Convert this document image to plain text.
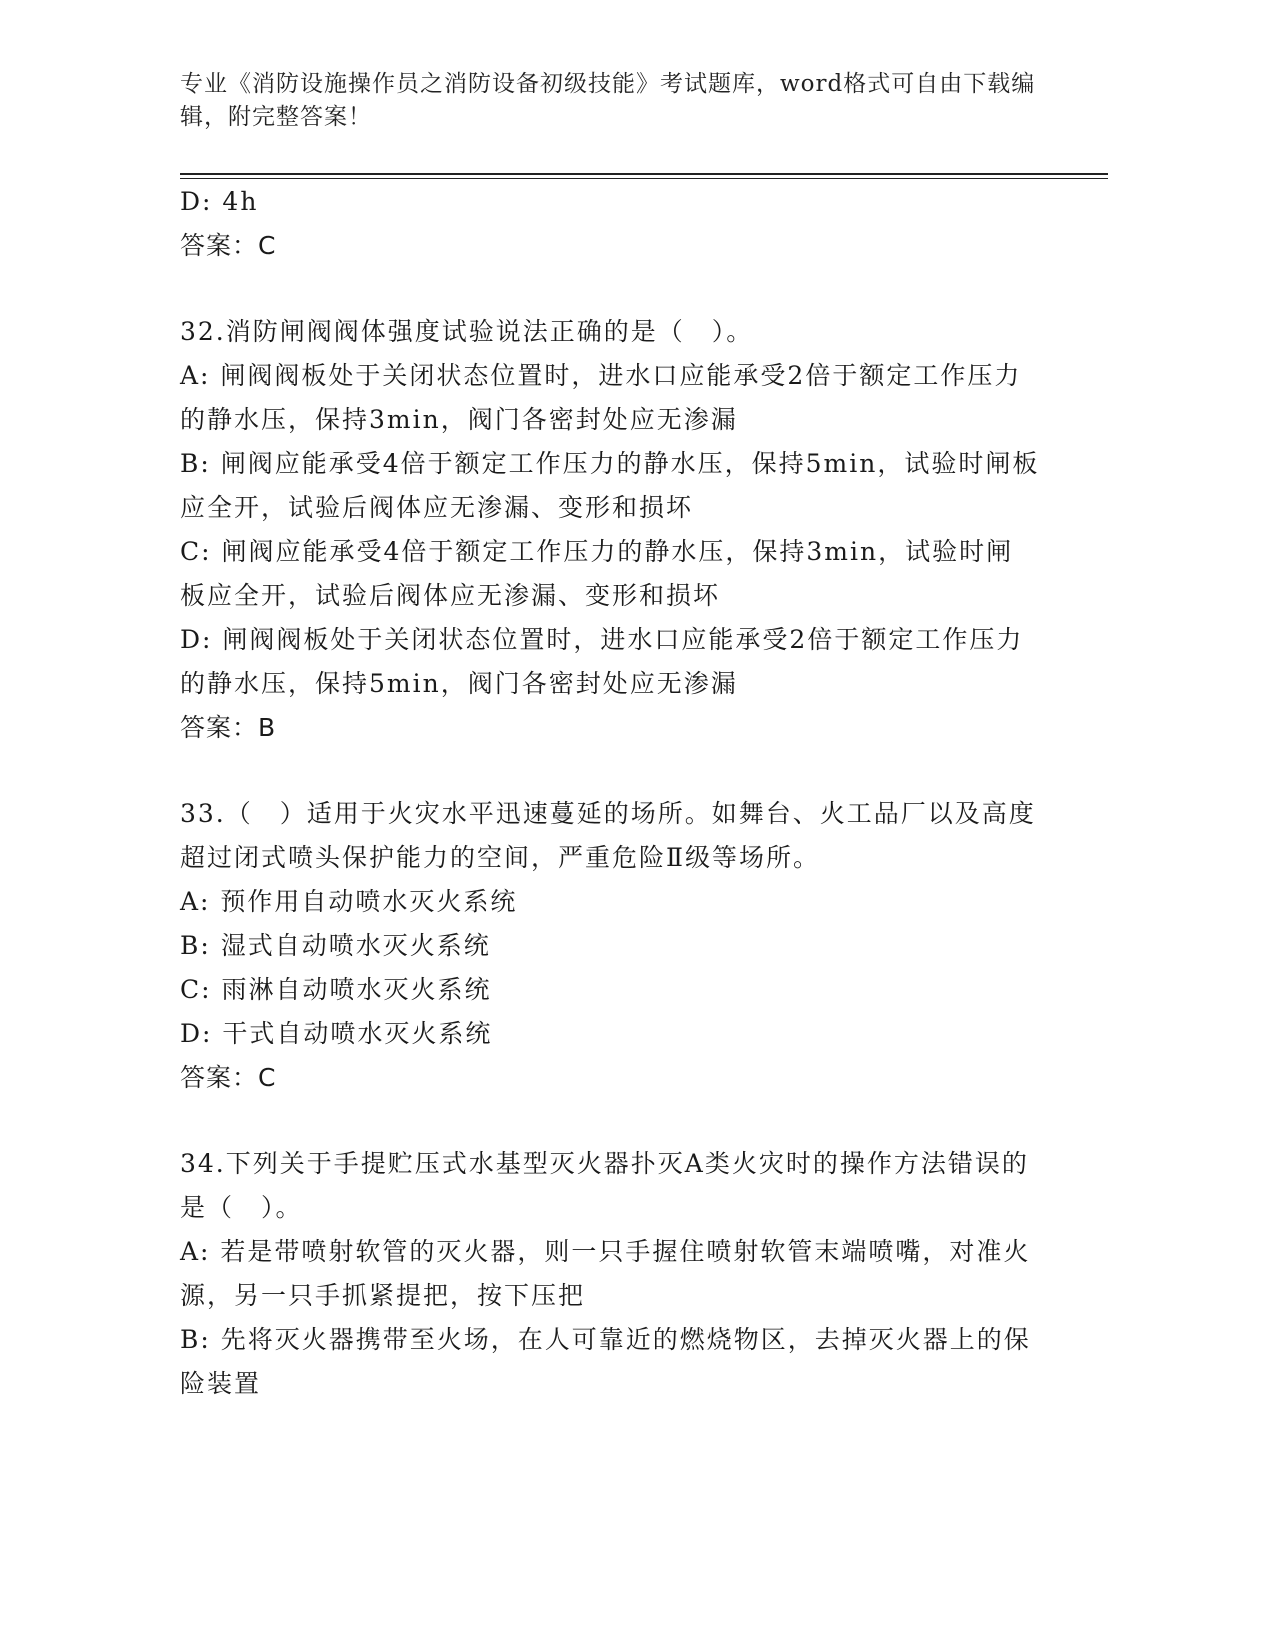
专业《消防设施操作员之消防设备初级技能》考试题库，word格式可自由下载编辑，附完整答案！
D: 4h
答案：C
32.消防闸阀阀体强度试验说法正确的是（　）。
A: 闸阀阀板处于关闭状态位置时，进水口应能承受2倍于额定工作压力的静水压，保持3min，阀门各密封处应无渗漏
B: 闸阀应能承受4倍于额定工作压力的静水压，保持5min，试验时闸板应全开，试验后阀体应无渗漏、变形和损坏
C: 闸阀应能承受4倍于额定工作压力的静水压，保持3min，试验时闸板应全开，试验后阀体应无渗漏、变形和损坏
D: 闸阀阀板处于关闭状态位置时，进水口应能承受2倍于额定工作压力的静水压，保持5min，阀门各密封处应无渗漏
答案：B
33.（　）适用于火灾水平迅速蔓延的场所。如舞台、火工品厂以及高度超过闭式喷头保护能力的空间，严重危险Ⅱ级等场所。
A: 预作用自动喷水灭火系统
B: 湿式自动喷水灭火系统
C: 雨淋自动喷水灭火系统
D: 干式自动喷水灭火系统
答案：C
34.下列关于手提贮压式水基型灭火器扑灭A类火灾时的操作方法错误的是（　）。
A: 若是带喷射软管的灭火器，则一只手握住喷射软管末端喷嘴，对准火源，另一只手抓紧提把，按下压把
B: 先将灭火器携带至火场，在人可靠近的燃烧物区，去掉灭火器上的保险装置
